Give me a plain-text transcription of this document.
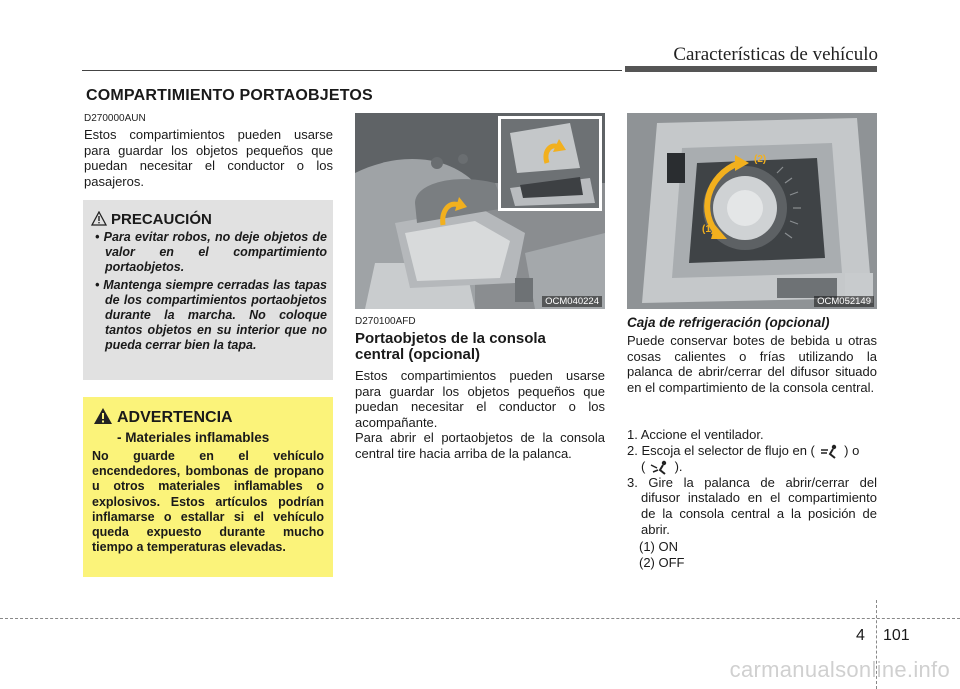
Características de vehículo
COMPARTIMIENTO PORTAOBJETOS
D270000AUN
Estos compartimientos pueden usarse para guardar los objetos pequeños que puedan necesitar el conductor o los pasajeros.
PRECAUCIÓN
• Para evitar robos, no deje objetos de valor en el compartimiento portaobjetos.
• Mantenga siempre cerradas las tapas de los compartimientos portaobjetos durante la marcha. No coloque tantos objetos en su interior que no pueda cerrar bien la tapa.
ADVERTENCIA
- Materiales inflamables
No guarde en el vehículo encendedores, bombonas de propano u otros materiales inflamables o explosivos. Estos artículos podrían inflamarse o estallar si el vehículo queda expuesto durante mucho tiempo a temperaturas elevadas.
OCM040224
D270100AFD
Portaobjetos de la consola central (opcional)
Estos compartimientos pueden usarse para guardar los objetos pequeños que puedan necesitar el conductor o los acompañante.
Para abrir el portaobjetos de la consola central tire hacia arriba de la palanca.
(2)
(1)
OCM052149
Caja de refrigeración (opcional)
Puede conservar botes de bebida u otras cosas calientes o frías utilizando la palanca de abrir/cerrar del difusor situado en el compartimiento de la consola central.
1. Accione el ventilador.
2. Escoja el selector de flujo en ( ) o
( ).
3. Gire la palanca de abrir/cerrar del difusor instalado en el compartimiento de la consola central a la posición de abrir.
(1) ON
(2) OFF
4 101
carmanualsonline.info
